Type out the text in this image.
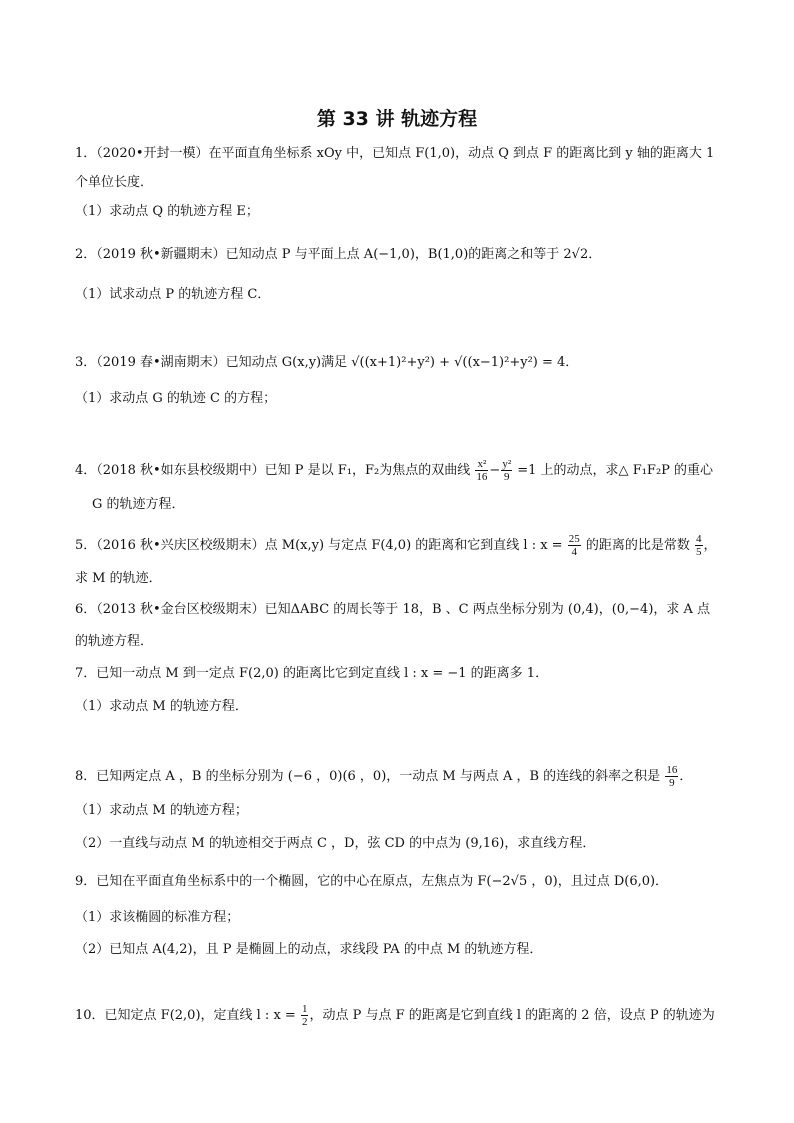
第 33 讲 轨迹方程
1．（2020•开封一模）在平面直角坐标系 xOy 中，已知点 F(1,0)，动点 Q 到点 F 的距离比到 y 轴的距离大 1
个单位长度．
（1）求动点 Q 的轨迹方程 E；
2．（2019 秋•新疆期末）已知动点 P 与平面上点 A(−1,0)，B(1,0)的距离之和等于 2√2．
（1）试求动点 P 的轨迹方程 C．
3．（2019 春•湖南期末）已知动点 G(x,y)满足 √((x+1)²+y²) + √((x−1)²+y²) = 4．
（1）求动点 G 的轨迹 C 的方程；
4．（2018 秋•如东县校级期中）已知 P 是以 F₁，F₂为焦点的双曲线 $\frac{\text{x²}}{16} - \frac{\text{y²}}{9} =1$ 上的动点，求△ F₁F₂P 的重心
G 的轨迹方程．
5．（2016 秋•兴庆区校级期末）点 M(x,y) 与定点 F(4,0) 的距离和它到直线 l : $x = \frac{25}{4}$ 的距离的比是常数 $\frac{4}{5}$ ，
求 M 的轨迹．
6．（2013 秋•金台区校级期末）已知ΔABC 的周长等于 18，B 、C 两点坐标分别为 (0,4)，(0,−4)，求 A 点
的轨迹方程．
7．已知一动点 M 到一定点 F(2,0) 的距离比它到定直线 l : x = −1 的距离多 1．
（1）求动点 M 的轨迹方程．
8．已知两定点 A ，B 的坐标分别为 (−6 ，0)(6 ，0)，一动点 M 与两点 A ，B 的连线的斜率之积是 $\frac{16}{9}$ ．
（1）求动点 M 的轨迹方程；
（2）一直线与动点 M 的轨迹相交于两点 C ，D，弦 CD 的中点为 (9,16)，求直线方程．
9．已知在平面直角坐标系中的一个椭圆，它的中心在原点，左焦点为 F(−2√5 ，0)，且过点 D(6,0)．
（1）求该椭圆的标准方程；
（2）已知点 A(4,2)，且 P 是椭圆上的动点，求线段 PA 的中点 M 的轨迹方程．
10．已知定点 F(2,0)，定直线 l : $x = \frac{1}{2}$ ，动点 P 与点 F 的距离是它到直线 l 的距离的 2 倍，设点 P 的轨迹为
